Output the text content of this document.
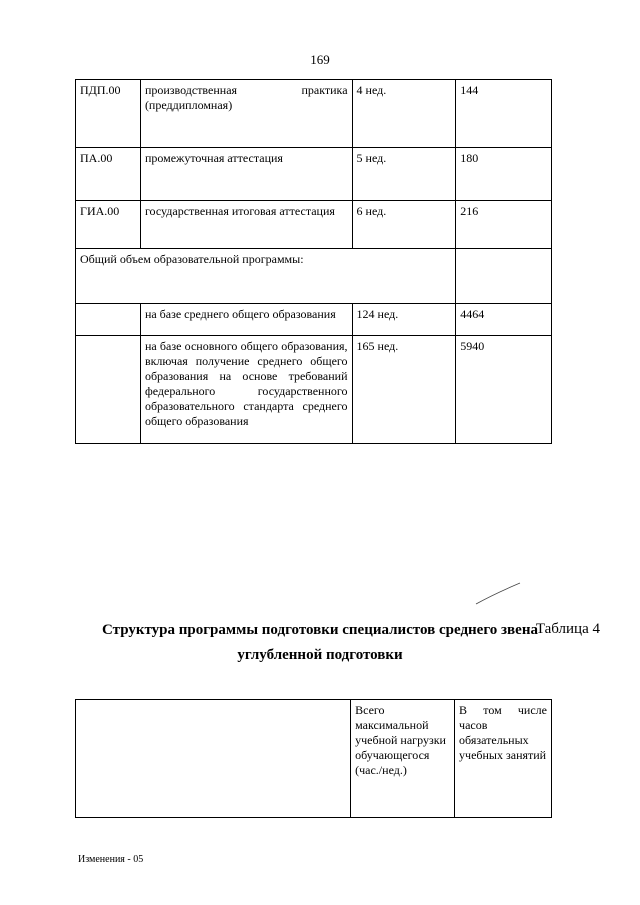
169
ПДП.00	производственная практика (преддипломная)	4 нед.	144
ПА.00	промежуточная аттестация	5 нед.	180
ГИА.00	государственная итоговая аттестация	6 нед.	216
Общий объем образовательной программы:			
	на базе среднего общего образования	124 нед.	4464
	на базе основного общего образования, включая получение среднего общего образования на основе требований федерального государственного образовательного стандарта среднего общего образования	165 нед.	5940
Таблица 4
Структура программы подготовки специалистов среднего звена
углубленной подготовки
	Всего максимальной учебной нагрузки обучающегося (час./нед.)	В том числе часов обязательных учебных занятий
Изменения - 05
